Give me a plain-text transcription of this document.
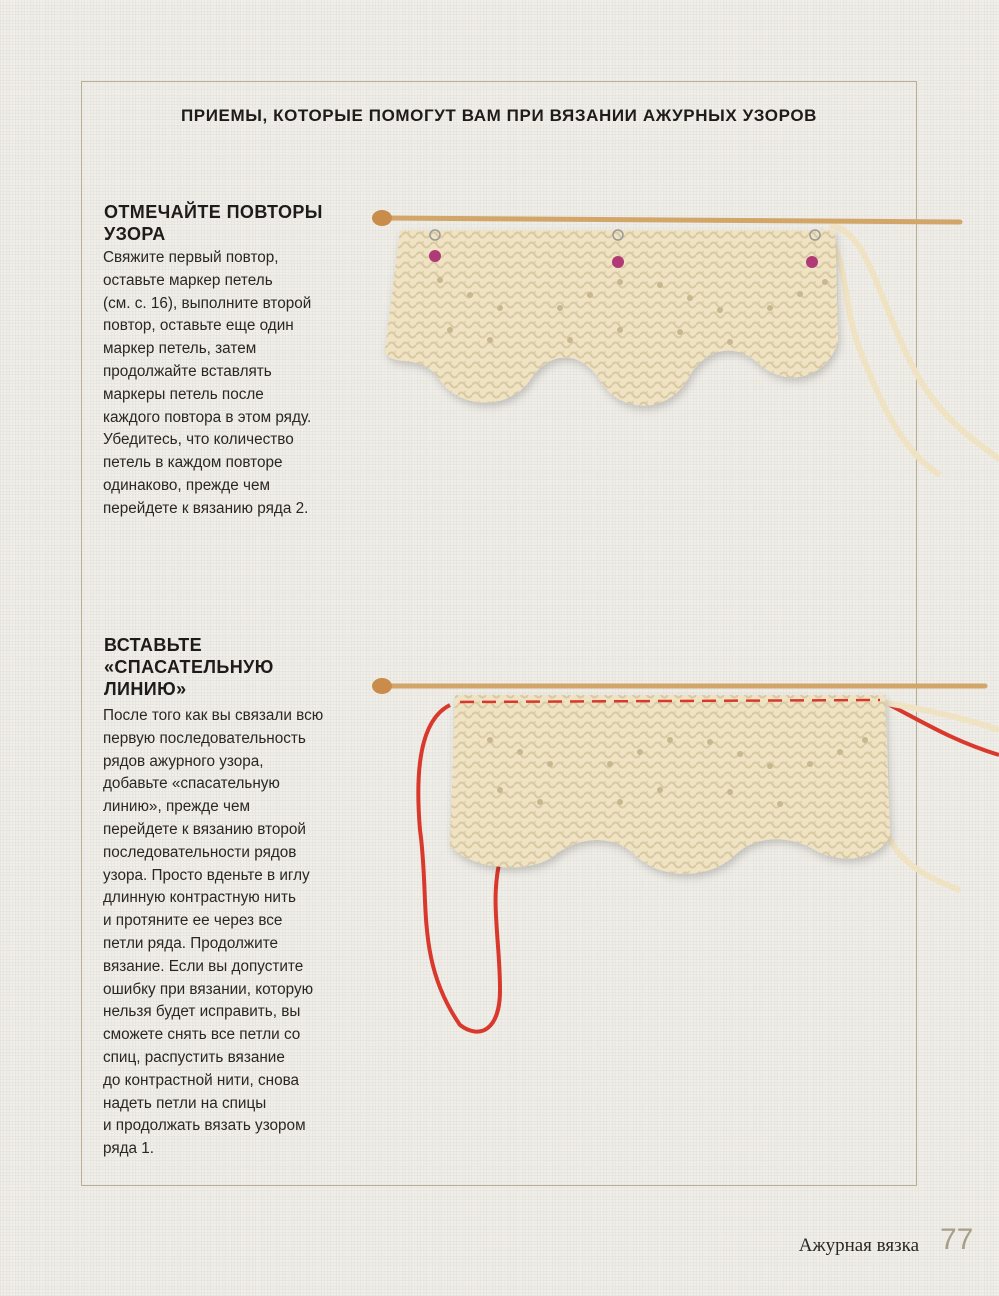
ПРИЕМЫ, КОТОРЫЕ ПОМОГУТ ВАМ ПРИ ВЯЗАНИИ АЖУРНЫХ УЗОРОВ
ОТМЕЧАЙТЕ ПОВТОРЫ
УЗОРА
Свяжите первый повтор,
оставьте маркер петель
(см. с. 16), выполните второй
повтор, оставьте еще один
маркер петель, затем
продолжайте вставлять
маркеры петель после
каждого повтора в этом ряду.
Убедитесь, что количество
петель в каждом повторе
одинаково, прежде чем
перейдете к вязанию ряда 2.
ВСТАВЬТЕ
«СПАСАТЕЛЬНУЮ
ЛИНИЮ»
После того как вы связали всю
первую последовательность
рядов ажурного узора,
добавьте «спасательную
линию», прежде чем
перейдете к вязанию второй
последовательности рядов
узора. Просто вденьте в иглу
длинную контрастную нить
и протяните ее через все
петли ряда. Продолжите
вязание. Если вы допустите
ошибку при вязании, которую
нельзя будет исправить, вы
сможете снять все петли со
спиц, распустить вязание
до контрастной нити, снова
надеть петли на спицы
и продолжать вязать узором
ряда 1.
Ажурная вязка 77
